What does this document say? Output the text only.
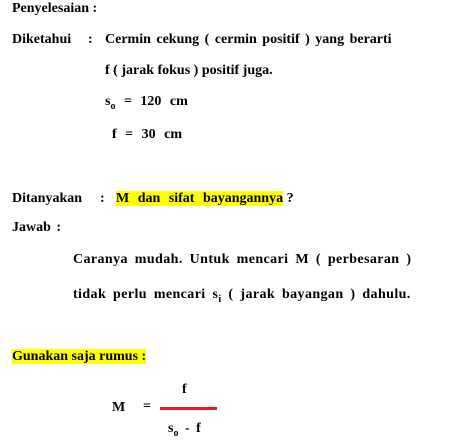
Penyelesaian :
Diketahui : Cermin cekung ( cermin positif ) yang berarti
f ( jarak fokus ) positif juga.
$s_o = 120$ cm
f = 30 cm
Ditanyakan : M dan sifat bayangannya ?
Jawab :
Caranya mudah. Untuk mencari M ( perbesaran )
tidak perlu mencari $s_i$ ( jarak bayangan ) dahulu.
Gunakan saja rumus :
M =
f
$s_o$ - f
